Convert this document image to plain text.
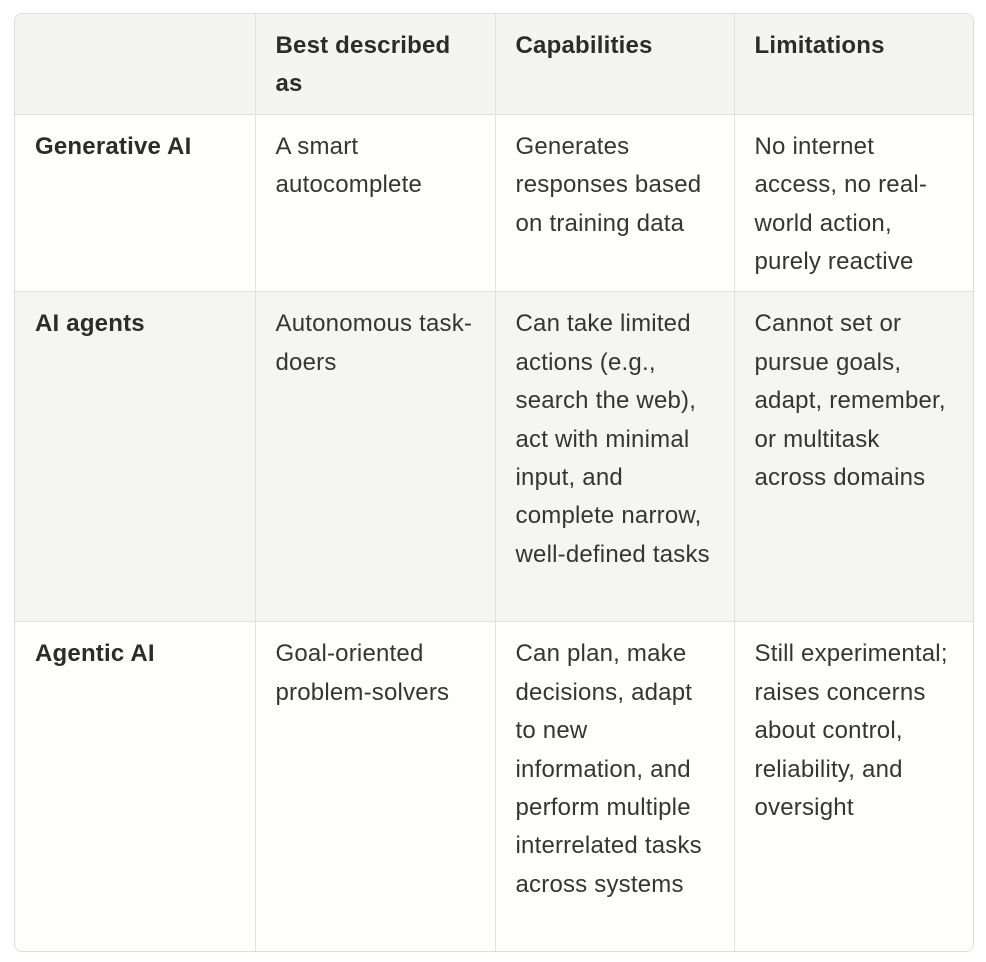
	Best described as	Capabilities	Limitations
Generative AI	A smart autocomplete	Generates responses based on training data	No internet access, no real-world action, purely reactive
AI agents	Autonomous task-doers	Can take limited actions (e.g., search the web), act with minimal input, and complete narrow, well-defined tasks	Cannot set or pursue goals, adapt, remember, or multitask across domains
Agentic AI	Goal-oriented problem-solvers	Can plan, make decisions, adapt to new information, and perform multiple interrelated tasks across systems	Still experimental; raises concerns about control, reliability, and oversight
